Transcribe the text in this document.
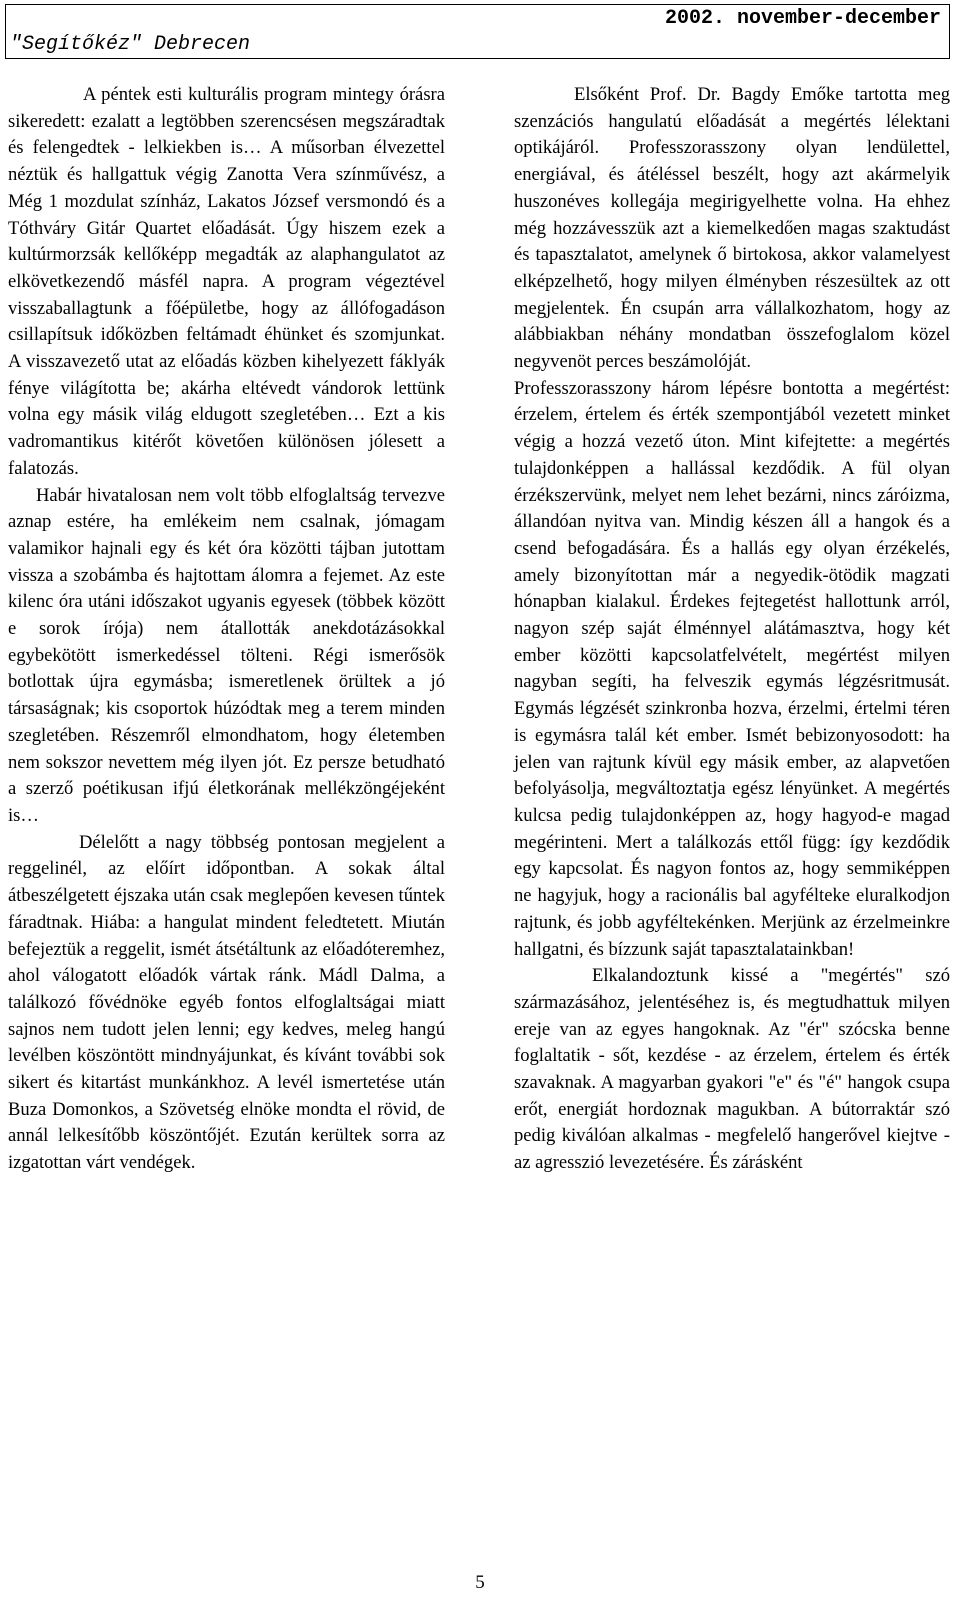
2002. november-december
"Segítőkéz" Debrecen

A péntek esti kulturális program mintegy órásra sikeredett: ezalatt a legtöbben szerencsésen megszáradtak és felengedtek - lelkiekben is… A műsorban élvezettel néztük és hallgattuk végig Zanotta Vera színművész, a Még 1 mozdulat színház, Lakatos József versmondó és a Tóthváry Gitár Quartet előadását. Úgy hiszem ezek a kultúrmorzsák kellőképp megadták az alaphangulatot az elkövetkezendő másfél napra. A program végeztével visszaballagtunk a főépületbe, hogy az állófogadáson csillapítsuk időközben feltámadt éhünket és szomjunkat. A visszavezető utat az előadás közben kihelyezett fáklyák fénye világította be; akárha eltévedt vándorok lettünk volna egy másik világ eldugott szegletében… Ezt a kis vadromantikus kitérőt követően különösen jólesett a falatozás.

Habár hivatalosan nem volt több elfoglaltság tervezve aznap estére, ha emlékeim nem csalnak, jómagam valamikor hajnali egy és két óra közötti tájban jutottam vissza a szobámba és hajtottam álomra a fejemet. Az este kilenc óra utáni időszakot ugyanis egyesek (többek között e sorok írója) nem átallották anekdotázásokkal egybekötött ismerkedéssel tölteni. Régi ismerősök botlottak újra egymásba; ismeretlenek örültek a jó társaságnak; kis csoportok húzódtak meg a terem minden szegletében. Részemről elmondhatom, hogy életemben nem sokszor nevettem még ilyen jót. Ez persze betudható a szerző poétikusan ifjú életkorának mellékzöngéjeként is…

Délelőtt a nagy többség pontosan megjelent a reggelinél, az előírt időpontban. A sokak által átbeszélgetett éjszaka után csak meglepően kevesen tűntek fáradtnak. Hiába: a hangulat mindent feledtetett. Miután befejeztük a reggelit, ismét átsétáltunk az előadóteremhez, ahol válogatott előadók vártak ránk. Mádl Dalma, a találkozó fővédnöke egyéb fontos elfoglaltságai miatt sajnos nem tudott jelen lenni; egy kedves, meleg hangú levélben köszöntött mindnyájunkat, és kívánt további sok sikert és kitartást munkánkhoz. A levél ismertetése után Buza Domonkos, a Szövetség elnöke mondta el rövid, de annál lelkesítőbb köszöntőjét. Ezután kerültek sorra az izgatottan várt vendégek.

Elsőként Prof. Dr. Bagdy Emőke tartotta meg szenzációs hangulatú előadását a megértés lélektani optikájáról. Professzorasszony olyan lendülettel, energiával, és átéléssel beszélt, hogy azt akármelyik huszonéves kollegája megirigyelhette volna. Ha ehhez még hozzávesszük azt a kiemelkedően magas szaktudást és tapasztalatot, amelynek ő birtokosa, akkor valamelyest elképzelhető, hogy milyen élményben részesültek az ott megjelentek. Én csupán arra vállalkozhatom, hogy az alábbiakban néhány mondatban összefoglalom közel negyvenöt perces beszámolóját.

Professzorasszony három lépésre bontotta a megértést: érzelem, értelem és érték szempontjából vezetett minket végig a hozzá vezető úton. Mint kifejtette: a megértés tulajdonképpen a hallással kezdődik. A fül olyan érzékszervünk, melyet nem lehet bezárni, nincs záróizma, állandóan nyitva van. Mindig készen áll a hangok és a csend befogadására. És a hallás egy olyan érzékelés, amely bizonyítottan már a negyedik-ötödik magzati hónapban kialakul. Érdekes fejtegetést hallottunk arról, nagyon szép saját élménnyel alátámasztva, hogy két ember közötti kapcsolatfelvételt, megértést milyen nagyban segíti, ha felveszik egymás légzésritmusát. Egymás légzését szinkronba hozva, érzelmi, értelmi téren is egymásra talál két ember. Ismét bebizonyosodott: ha jelen van rajtunk kívül egy másik ember, az alapvetően befolyásolja, megváltoztatja egész lényünket. A megértés kulcsa pedig tulajdonképpen az, hogy hagyod-e magad megérinteni. Mert a találkozás ettől függ: így kezdődik egy kapcsolat. És nagyon fontos az, hogy semmiképpen ne hagyjuk, hogy a racionális bal agyfélteke eluralkodjon rajtunk, és jobb agyféltekénken. Merjünk az érzelmeinkre hallgatni, és bízzunk saját tapasztalatainkban!

Elkalandoztunk kissé a "megértés" szó származásához, jelentéséhez is, és megtudhattuk milyen ereje van az egyes hangoknak. Az "ér" szócska benne foglaltatik - sőt, kezdése - az érzelem, értelem és érték szavaknak. A magyarban gyakori "e" és "é" hangok csupa erőt, energiát hordoznak magukban. A bútorraktár szó pedig kiválóan alkalmas - megfelelő hangerővel kiejtve - az agresszió levezetésére. És zárásként

5
